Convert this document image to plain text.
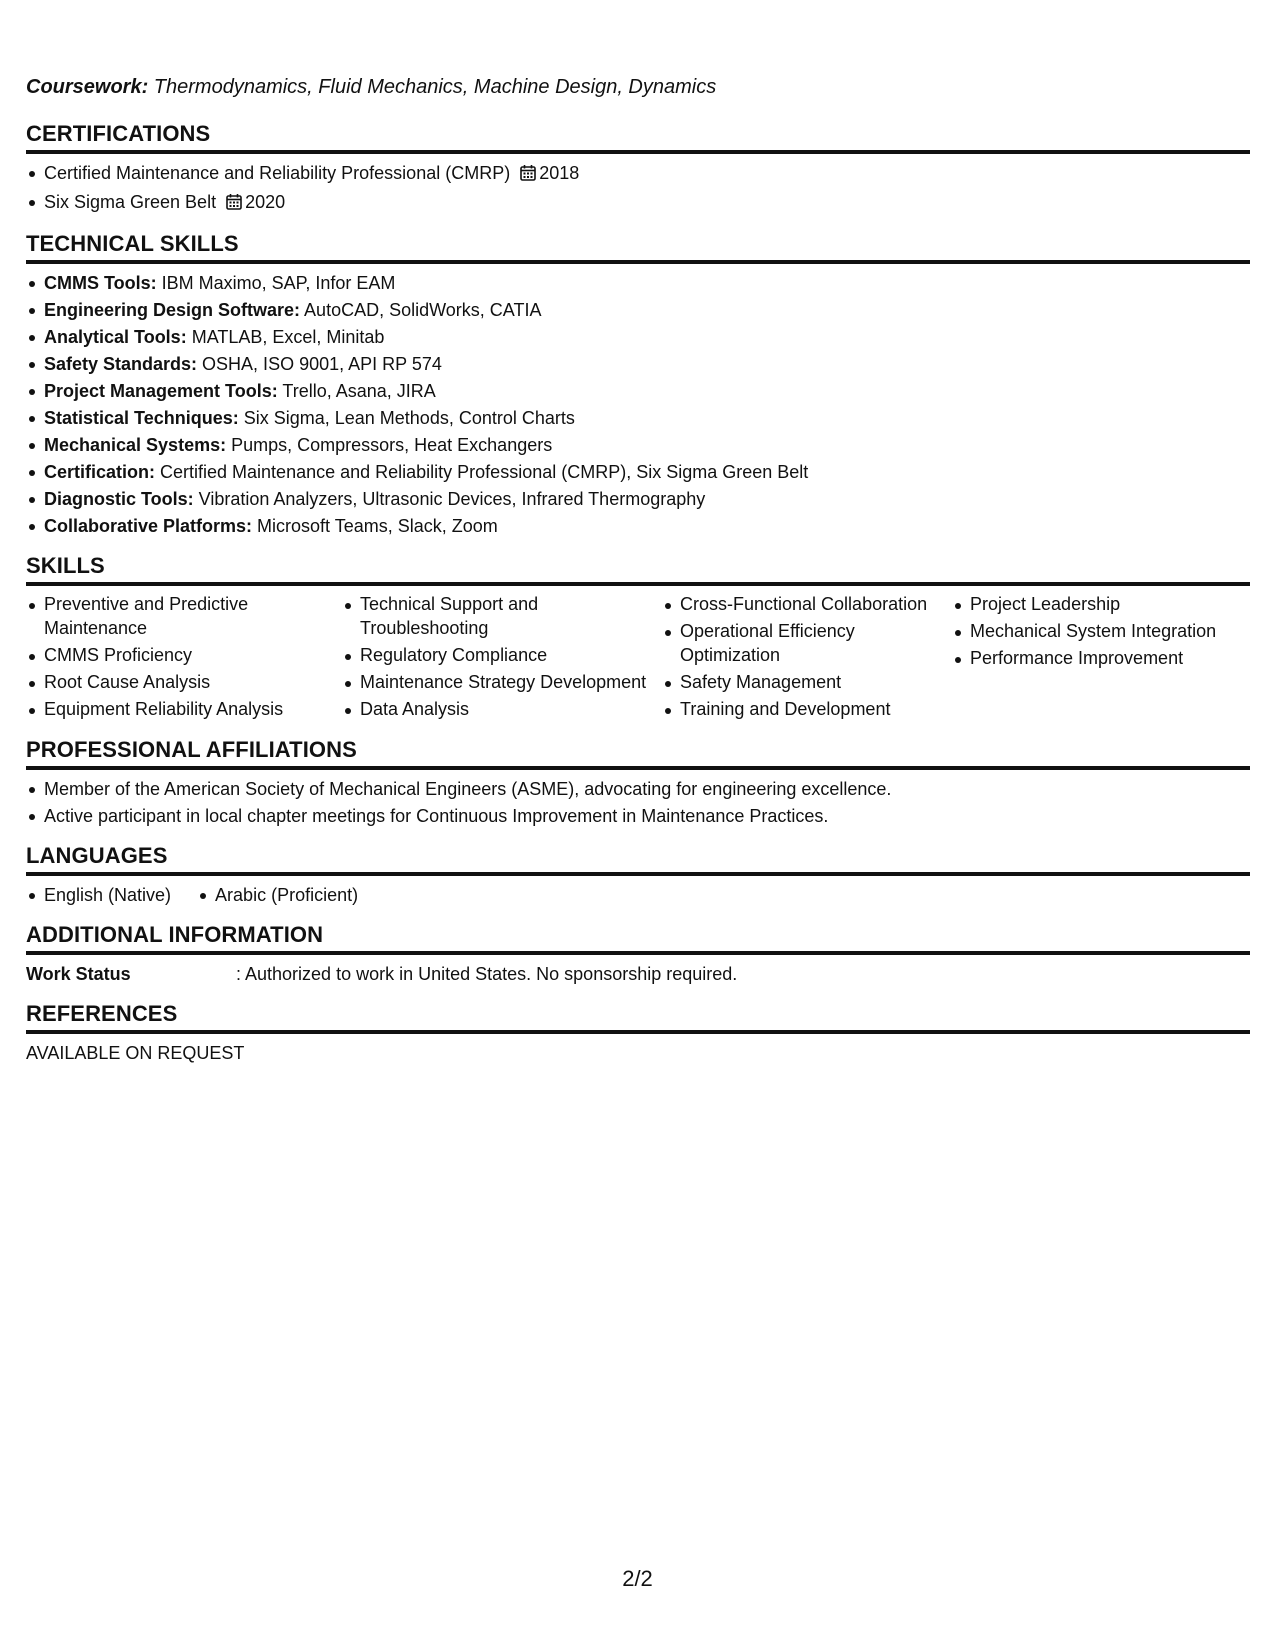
Coursework: Thermodynamics, Fluid Mechanics, Machine Design, Dynamics

CERTIFICATIONS
Certified Maintenance and Reliability Professional (CMRP) 2018
Six Sigma Green Belt 2020
TECHNICAL SKILLS
CMMS Tools: IBM Maximo, SAP, Infor EAM
Engineering Design Software: AutoCAD, SolidWorks, CATIA
Analytical Tools: MATLAB, Excel, Minitab
Safety Standards: OSHA, ISO 9001, API RP 574
Project Management Tools: Trello, Asana, JIRA
Statistical Techniques: Six Sigma, Lean Methods, Control Charts
Mechanical Systems: Pumps, Compressors, Heat Exchangers
Certification: Certified Maintenance and Reliability Professional (CMRP), Six Sigma Green Belt
Diagnostic Tools: Vibration Analyzers, Ultrasonic Devices, Infrared Thermography
Collaborative Platforms: Microsoft Teams, Slack, Zoom
SKILLS
Preventive and Predictive Maintenance
CMMS Proficiency
Root Cause Analysis
Equipment Reliability Analysis
Technical Support and Troubleshooting
Regulatory Compliance
Maintenance Strategy Development
Data Analysis
Cross-Functional Collaboration
Operational Efficiency Optimization
Safety Management
Training and Development
Project Leadership
Mechanical System Integration
Performance Improvement
PROFESSIONAL AFFILIATIONS
Member of the American Society of Mechanical Engineers (ASME), advocating for engineering excellence.
Active participant in local chapter meetings for Continuous Improvement in Maintenance Practices.
LANGUAGES
English (Native) Arabic (Proficient)
ADDITIONAL INFORMATION
Work Status	: Authorized to work in United States. No sponsorship required.
REFERENCES
AVAILABLE ON REQUEST
2/2
